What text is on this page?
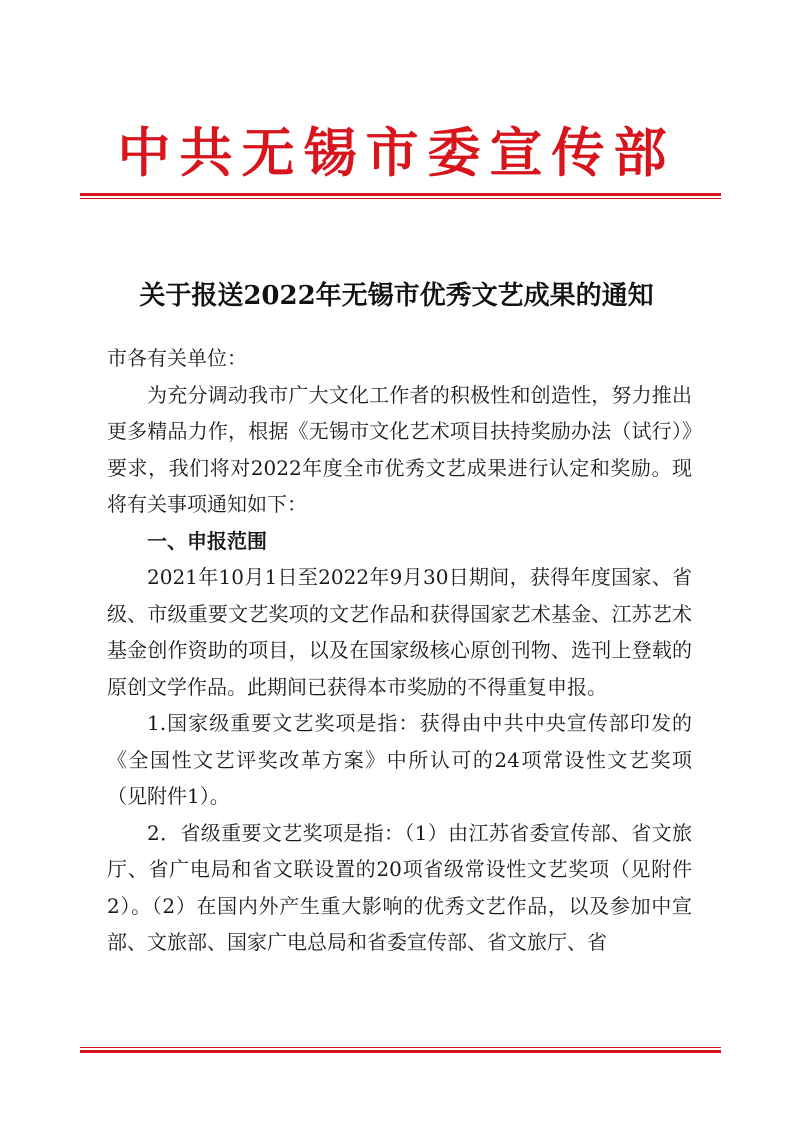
中共无锡市委宣传部
关于报送2022年无锡市优秀文艺成果的通知

市各有关单位：

为充分调动我市广大文化工作者的积极性和创造性，努力推出更多精品力作，根据《无锡市文化艺术项目扶持奖励办法（试行）》要求，我们将对2022年度全市优秀文艺成果进行认定和奖励。现将有关事项通知如下：

一、申报范围

2021年10月1日至2022年9月30日期间，获得年度国家、省级、市级重要文艺奖项的文艺作品和获得国家艺术基金、江苏艺术基金创作资助的项目，以及在国家级核心原创刊物、选刊上登载的原创文学作品。此期间已获得本市奖励的不得重复申报。

1.国家级重要文艺奖项是指：获得由中共中央宣传部印发的《全国性文艺评奖改革方案》中所认可的24项常设性文艺奖项（见附件1）。

2．省级重要文艺奖项是指：（1）由江苏省委宣传部、省文旅厅、省广电局和省文联设置的20项省级常设性文艺奖项（见附件2）。（2）在国内外产生重大影响的优秀文艺作品，以及参加中宣部、文旅部、国家广电总局和省委宣传部、省文旅厅、省
